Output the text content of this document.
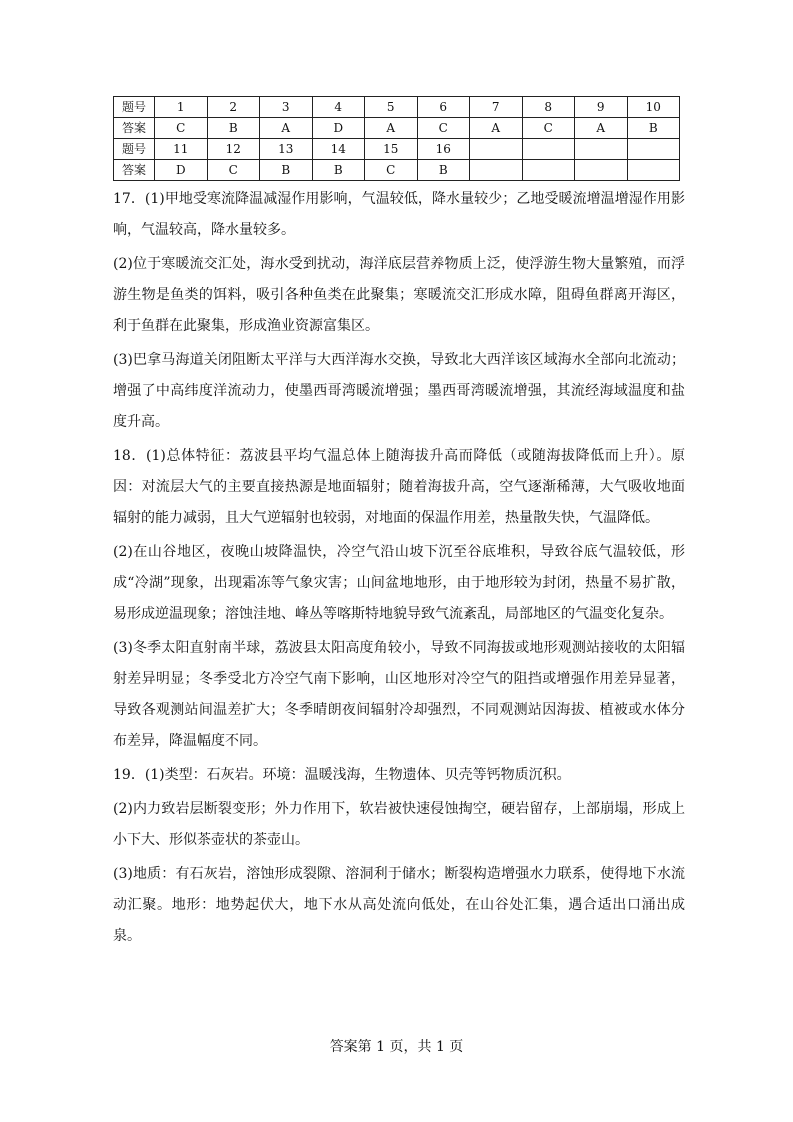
题号	1	2	3	4	5	6	7	8	9	10
答案	C	B	A	D	A	C	A	C	A	B
题号	11	12	13	14	15	16				
答案	D	C	B	B	C	B				

17．(1)甲地受寒流降温减湿作用影响，气温较低，降水量较少；乙地受暖流增温增湿作用影响，气温较高，降水量较多。

(2)位于寒暖流交汇处，海水受到扰动，海洋底层营养物质上泛，使浮游生物大量繁殖，而浮游生物是鱼类的饵料，吸引各种鱼类在此聚集；寒暖流交汇形成水障，阻碍鱼群离开海区，利于鱼群在此聚集，形成渔业资源富集区。

(3)巴拿马海道关闭阻断太平洋与大西洋海水交换，导致北大西洋该区域海水全部向北流动；增强了中高纬度洋流动力，使墨西哥湾暖流增强；墨西哥湾暖流增强，其流经海域温度和盐度升高。

18．(1)总体特征：荔波县平均气温总体上随海拔升高而降低（或随海拔降低而上升）。原因：对流层大气的主要直接热源是地面辐射；随着海拔升高，空气逐渐稀薄，大气吸收地面辐射的能力减弱，且大气逆辐射也较弱，对地面的保温作用差，热量散失快，气温降低。

(2)在山谷地区，夜晚山坡降温快，冷空气沿山坡下沉至谷底堆积，导致谷底气温较低，形成“冷湖”现象，出现霜冻等气象灾害；山间盆地地形，由于地形较为封闭，热量不易扩散，易形成逆温现象；溶蚀洼地、峰丛等喀斯特地貌导致气流紊乱，局部地区的气温变化复杂。

(3)冬季太阳直射南半球，荔波县太阳高度角较小，导致不同海拔或地形观测站接收的太阳辐射差异明显；冬季受北方冷空气南下影响，山区地形对冷空气的阻挡或增强作用差异显著，导致各观测站间温差扩大；冬季晴朗夜间辐射冷却强烈，不同观测站因海拔、植被或水体分布差异，降温幅度不同。

19．(1)类型：石灰岩。环境：温暖浅海，生物遗体、贝壳等钙物质沉积。

(2)内力致岩层断裂变形；外力作用下，软岩被快速侵蚀掏空，硬岩留存，上部崩塌，形成上小下大、形似茶壶状的茶壶山。

(3)地质：有石灰岩，溶蚀形成裂隙、溶洞利于储水；断裂构造增强水力联系，使得地下水流动汇聚。地形：地势起伏大，地下水从高处流向低处，在山谷处汇集，遇合适出口涌出成泉。

答案第 1 页，共 1 页
